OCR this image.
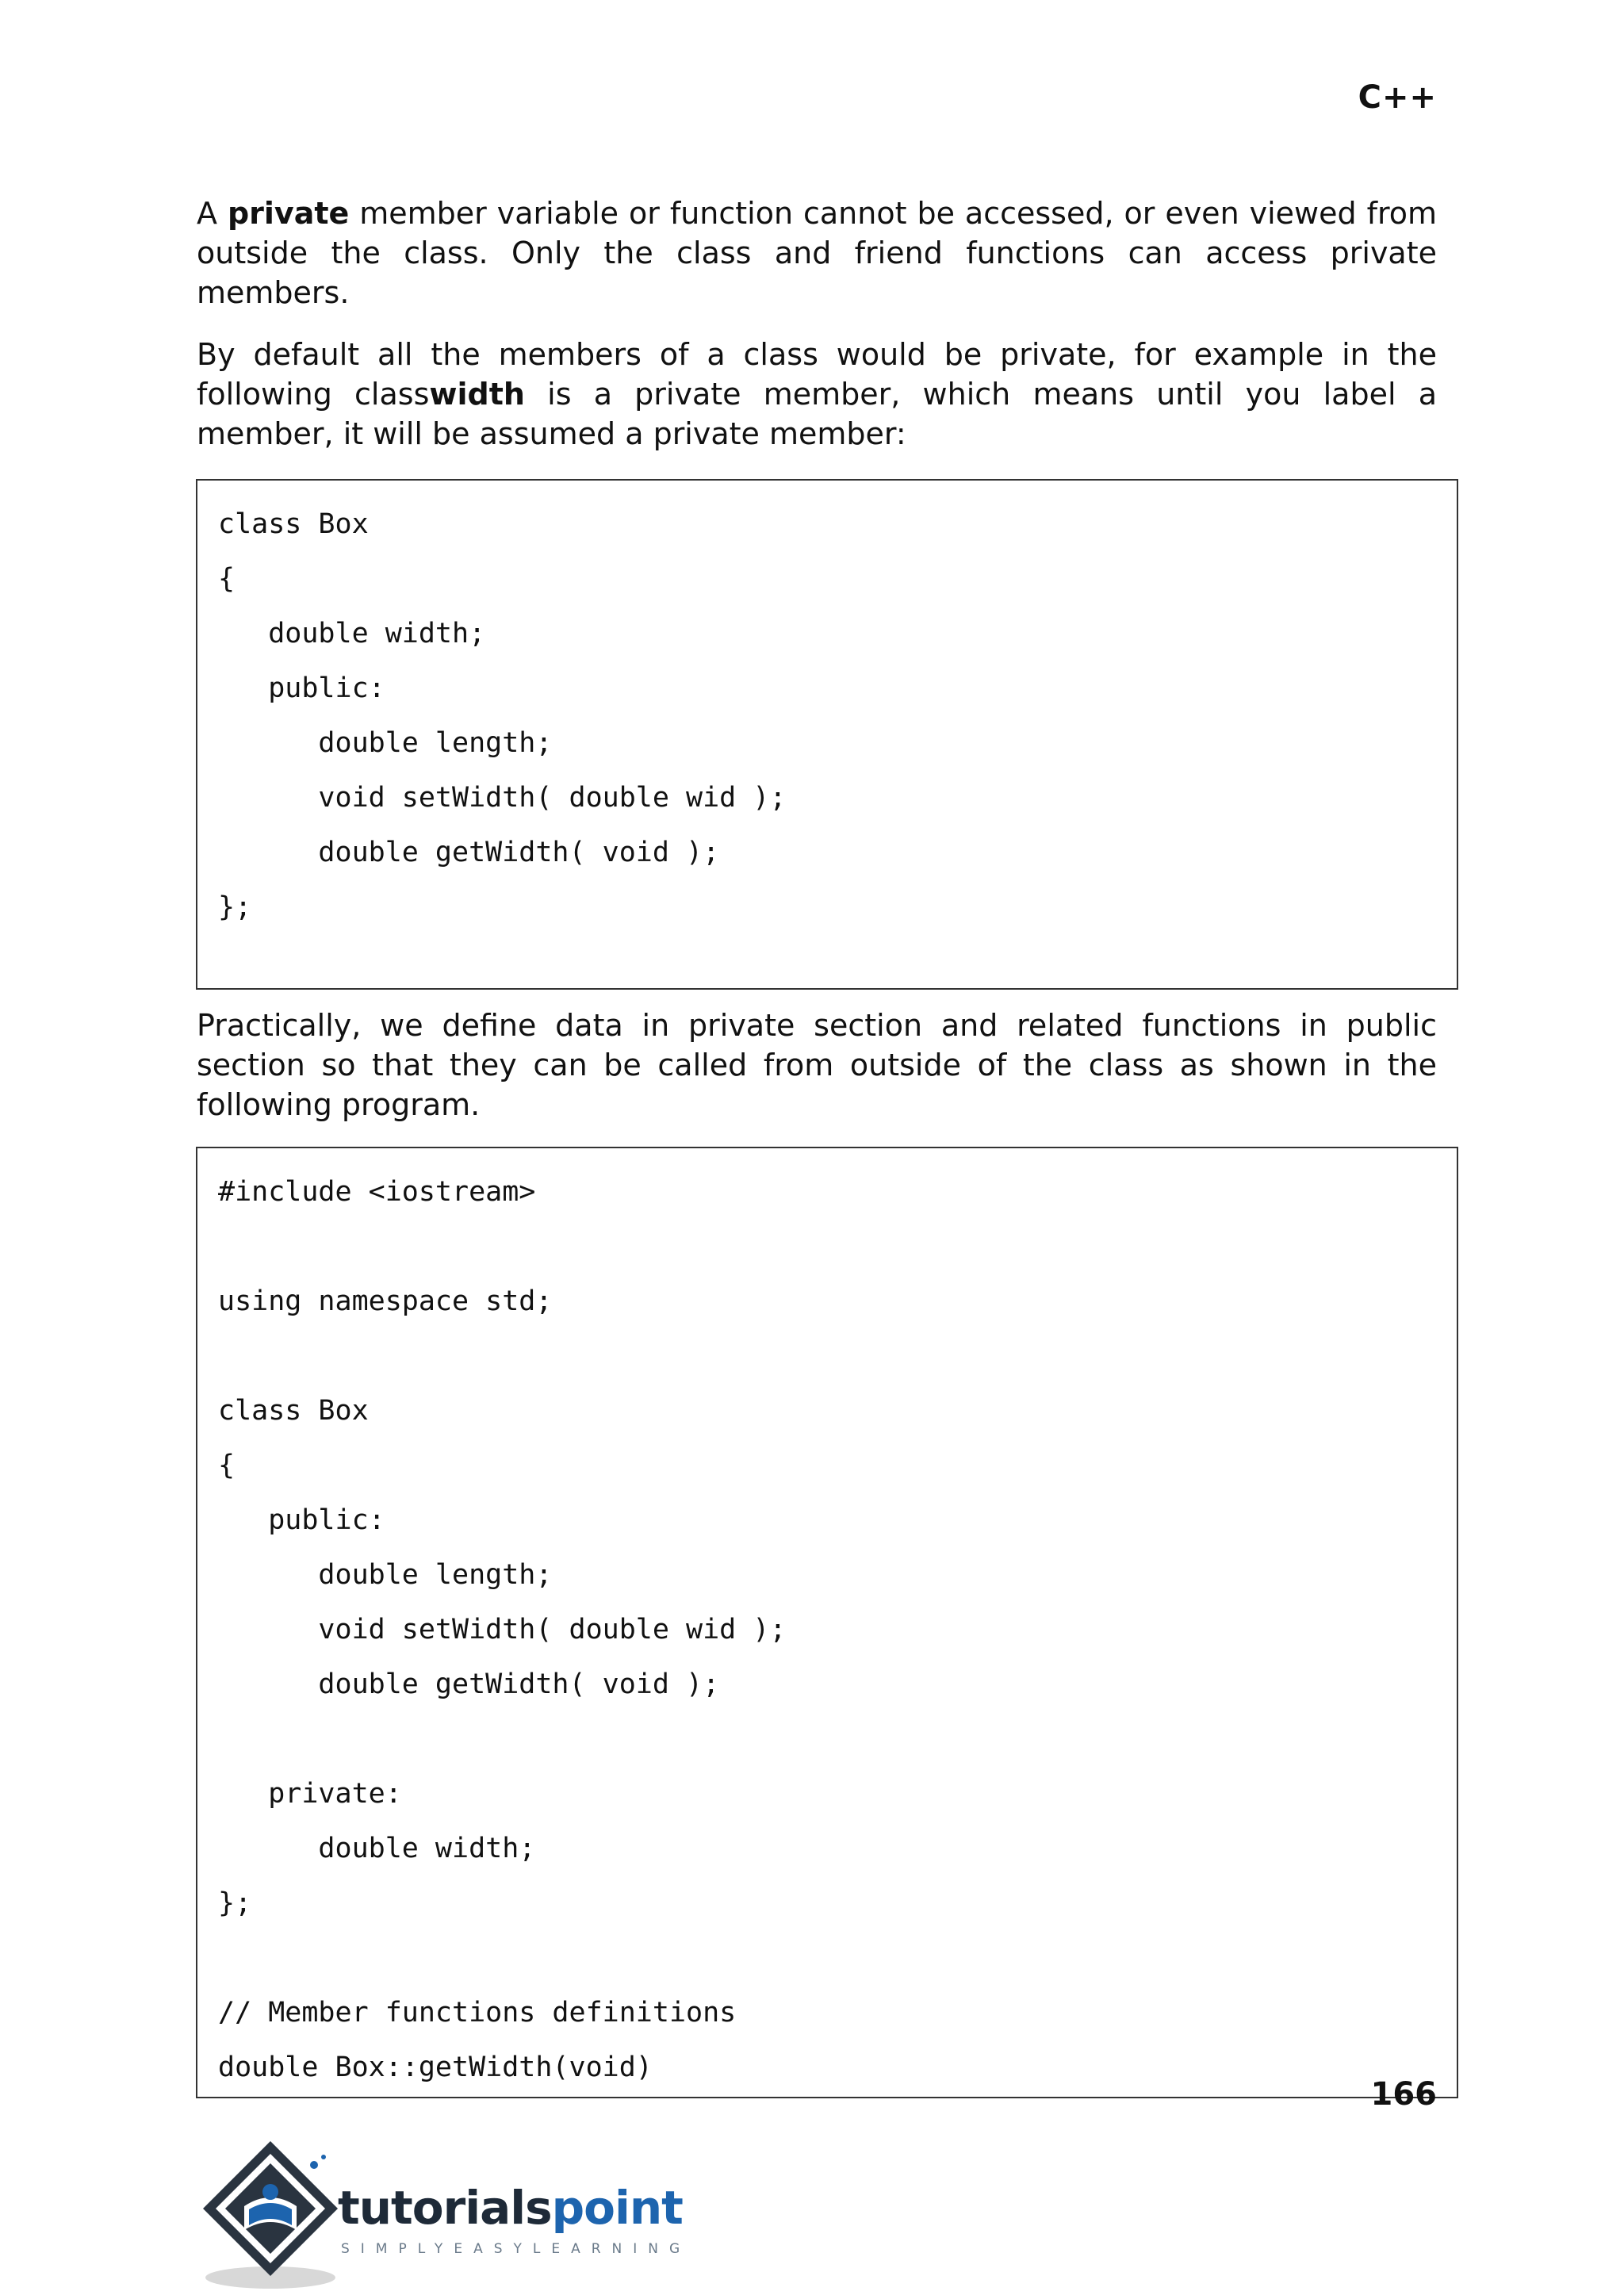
C++

A private member variable or function cannot be accessed, or even viewed from outside the class. Only the class and friend functions can access private members.

By default all the members of a class would be private, for example in the following classwidth is a private member, which means until you label a member, it will be assumed a private member:

class Box
{
double width;
public:
double length;
void setWidth( double wid );
double getWidth( void );
};

Practically, we define data in private section and related functions in public section so that they can be called from outside of the class as shown in the following program.

#include <iostream>
using namespace std;
class Box
{
public:
double length;
void setWidth( double wid );
double getWidth( void );
private:
double width;
};
// Member functions definitions
double Box::getWidth(void)
166
tutorialspoint
SIMPLYEASYLEARNING
